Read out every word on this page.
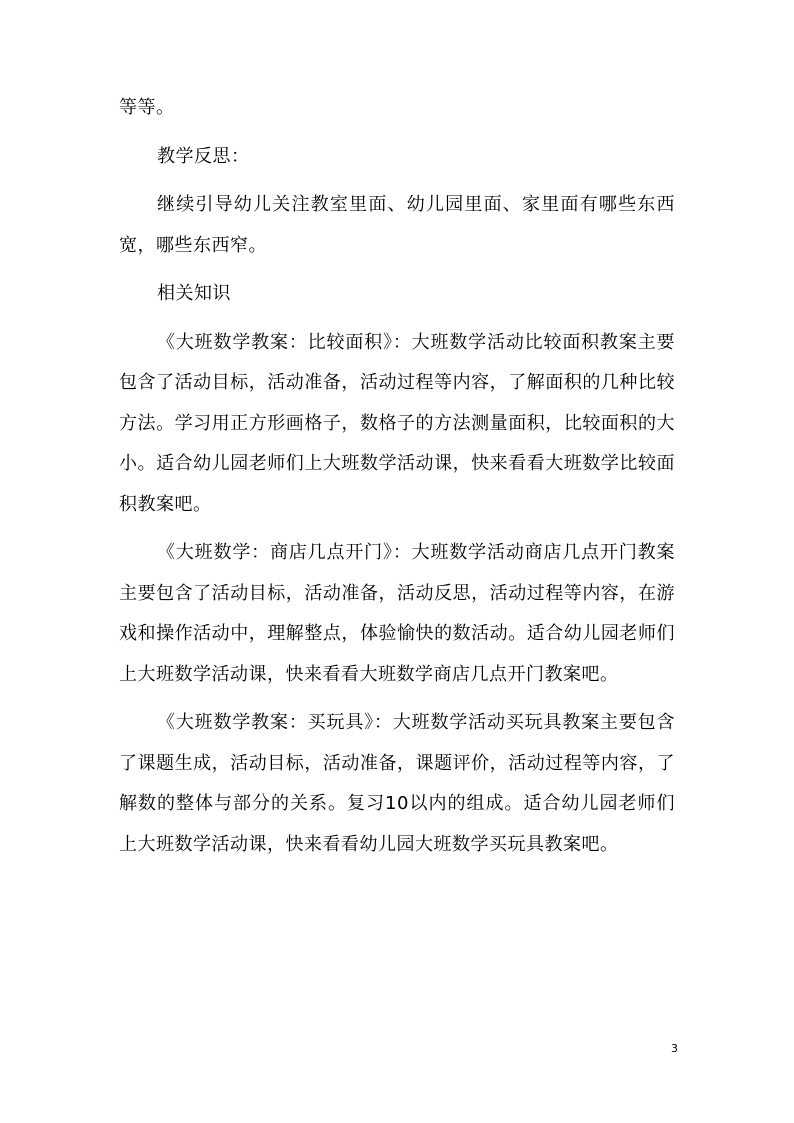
等等。

教学反思：

继续引导幼儿关注教室里面、幼儿园里面、家里面有哪些东西宽，哪些东西窄。

相关知识

《大班数学教案：比较面积》：大班数学活动比较面积教案主要包含了活动目标，活动准备，活动过程等内容，了解面积的几种比较方法。学习用正方形画格子，数格子的方法测量面积，比较面积的大小。适合幼儿园老师们上大班数学活动课，快来看看大班数学比较面积教案吧。

《大班数学：商店几点开门》：大班数学活动商店几点开门教案主要包含了活动目标，活动准备，活动反思，活动过程等内容，在游戏和操作活动中，理解整点，体验愉快的数活动。适合幼儿园老师们上大班数学活动课，快来看看大班数学商店几点开门教案吧。

《大班数学教案：买玩具》：大班数学活动买玩具教案主要包含了课题生成，活动目标，活动准备，课题评价，活动过程等内容，了解数的整体与部分的关系。复习10以内的组成。适合幼儿园老师们上大班数学活动课，快来看看幼儿园大班数学买玩具教案吧。

3
